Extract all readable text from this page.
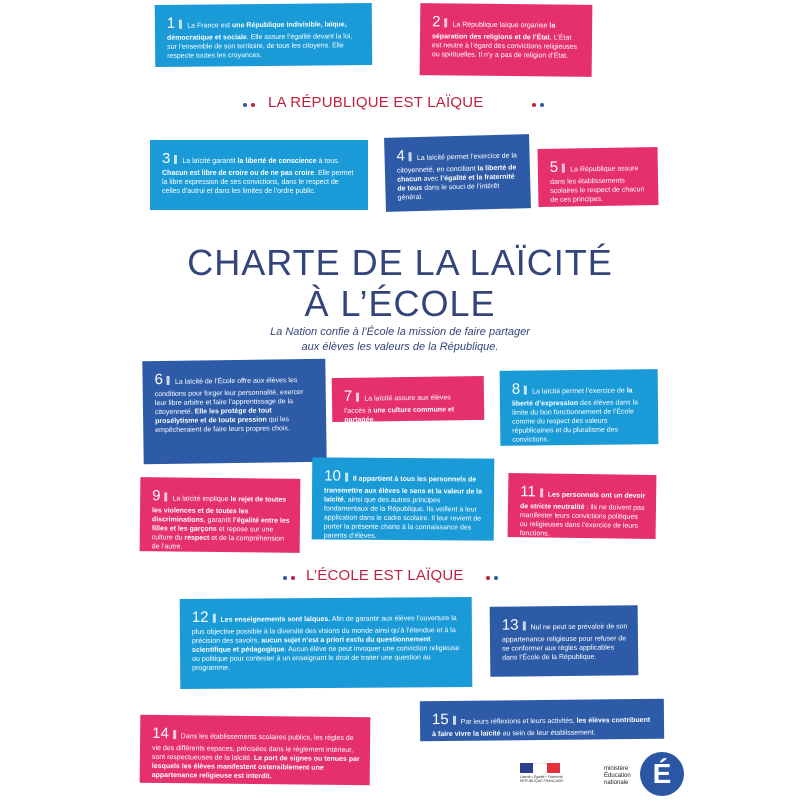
LA RÉPUBLIQUE EST LAÏQUE
1 La France est une République indivisible, laïque, démocratique et sociale. Elle assure l’égalité devant la loi, sur l’ensemble de son territoire, de tous les citoyens. Elle respecte toutes les croyances.
2 La République laïque organise la séparation des religions et de l’État. L’État est neutre à l’égard des convictions religieuses ou spirituelles. Il n’y a pas de religion d’État.
3 La laïcité garantit la liberté de conscience à tous. Chacun est libre de croire ou de ne pas croire. Elle permet la libre expression de ses convictions, dans le respect de celles d’autrui et dans les limites de l’ordre public.
4 La laïcité permet l’exercice de la citoyenneté, en conciliant la liberté de chacun avec l’égalité et la fraternité de tous dans le souci de l’intérêt général.
5 La République assure dans les établissements scolaires le respect de chacun de ces principes.
CHARTE DE LA LAÏCITÉ
À L’ÉCOLE
La Nation confie à l’École la mission de faire partager
aux élèves les valeurs de la République.
6 La laïcité de l’École offre aux élèves les conditions pour forger leur personnalité, exercer leur libre arbitre et faire l’apprentissage de la citoyenneté. Elle les protège de tout prosélytisme et de toute pression qui les empêcheraient de faire leurs propres choix.
7 La laïcité assure aux élèves l’accès à une culture commune et partagée.
8 La laïcité permet l’exercice de la liberté d’expression des élèves dans la limite du bon fonctionnement de l’École comme du respect des valeurs républicaines et du pluralisme des convictions.
9 La laïcité implique le rejet de toutes les violences et de toutes les discriminations, garantit l’égalité entre les filles et les garçons et repose sur une culture du respect et de la compréhension de l’autre.
10 Il appartient à tous les personnels de transmettre aux élèves le sens et la valeur de la laïcité, ainsi que des autres principes fondamentaux de la République. Ils veillent à leur application dans le cadre scolaire. Il leur revient de porter la présente charte à la connaissance des parents d’élèves.
11 Les personnels ont un devoir de stricte neutralité : ils ne doivent pas manifester leurs convictions politiques ou religieuses dans l’exercice de leurs fonctions.
L’ÉCOLE EST LAÏQUE
12 Les enseignements sont laïques. Afin de garantir aux élèves l’ouverture la plus objective possible à la diversité des visions du monde ainsi qu’à l’étendue et à la précision des savoirs, aucun sujet n’est a priori exclu du questionnement scientifique et pédagogique. Aucun élève ne peut invoquer une conviction religieuse ou politique pour contester à un enseignant le droit de traiter une question au programme.
13 Nul ne peut se prévaloir de son appartenance religieuse pour refuser de se conformer aux règles applicables dans l’École de la République.
14 Dans les établissements scolaires publics, les règles de vie des différents espaces, précisées dans le règlement intérieur, sont respectueuses de la laïcité. Le port de signes ou tenues par lesquels les élèves manifestent ostensiblement une appartenance religieuse est interdit.
15 Par leurs réflexions et leurs activités, les élèves contribuent à faire vivre la laïcité au sein de leur établissement.
Liberté • Égalité • Fraternité
RÉPUBLIQUE FRANÇAISE
ministère
Éducation
nationale É
